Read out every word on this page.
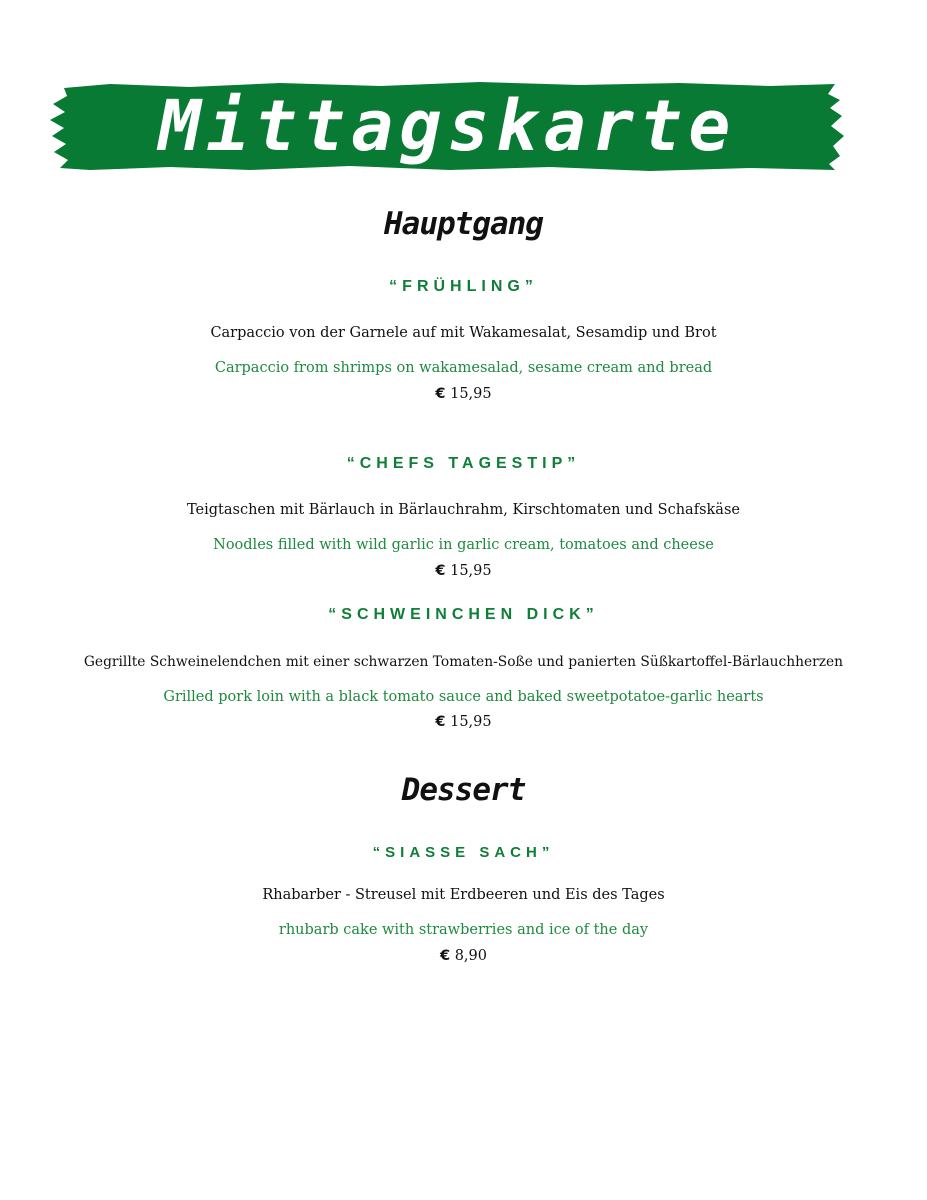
Mittagskarte
Hauptgang
“FRÜHLING”
Carpaccio von der Garnele auf mit Wakamesalat, Sesamdip und Brot
Carpaccio from shrimps on wakamesalad, sesame cream and bread
€ 15,95
“CHEFS TAGESTIP”
Teigtaschen mit Bärlauch in Bärlauchrahm, Kirschtomaten und Schafskäse
Noodles filled with wild garlic in garlic cream, tomatoes and cheese
€ 15,95
“SCHWEINCHEN DICK”
Gegrillte Schweinelendchen mit einer schwarzen Tomaten-Soße und panierten Süßkartoffel-Bärlauchherzen
Grilled pork loin with a black tomato sauce and baked sweetpotatoe-garlic hearts
€ 15,95
Dessert
“SIASSE SACH”
Rhabarber - Streusel mit Erdbeeren und Eis des Tages
rhubarb cake with strawberries and ice of the day
€ 8,90
